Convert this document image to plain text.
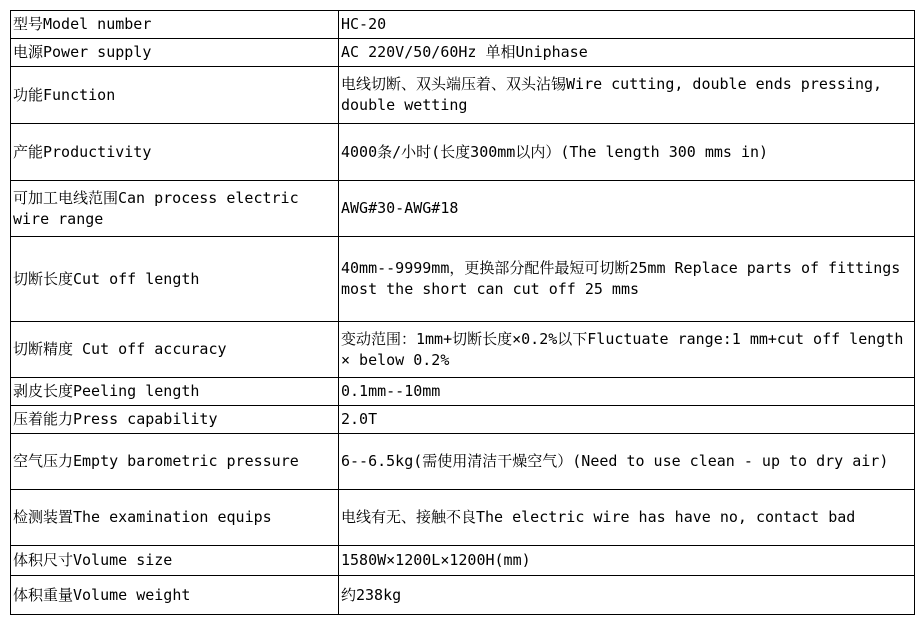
型号Model number	HC-20
电源Power supply	AC 220V/50/60Hz 单相Uniphase
功能Function	电线切断、双头端压着、双头沾锡Wire cutting, double ends pressing, double wetting
产能Productivity	4000条/小时(长度300mm以内）(The length 300 mms in)
可加工电线范围Can process electric wire range	AWG#30-AWG#18
切断长度Cut off length	40mm--9999mm，更换部分配件最短可切断25mm Replace parts of fittings most the short can cut off 25 mms
切断精度 Cut off accuracy	变动范围：1mm+切断长度×0.2%以下Fluctuate range:1 mm+cut off length × below 0.2%
剥皮长度Peeling length	0.1mm--10mm
压着能力Press capability	2.0T
空气压力Empty barometric pressure	6--6.5kg(需使用清洁干燥空气）(Need to use clean - up to dry air)
检测装置The examination equips	电线有无、接触不良The electric wire has have no, contact bad
体积尺寸Volume size	1580W×1200L×1200H(mm)
体积重量Volume weight	约238kg
